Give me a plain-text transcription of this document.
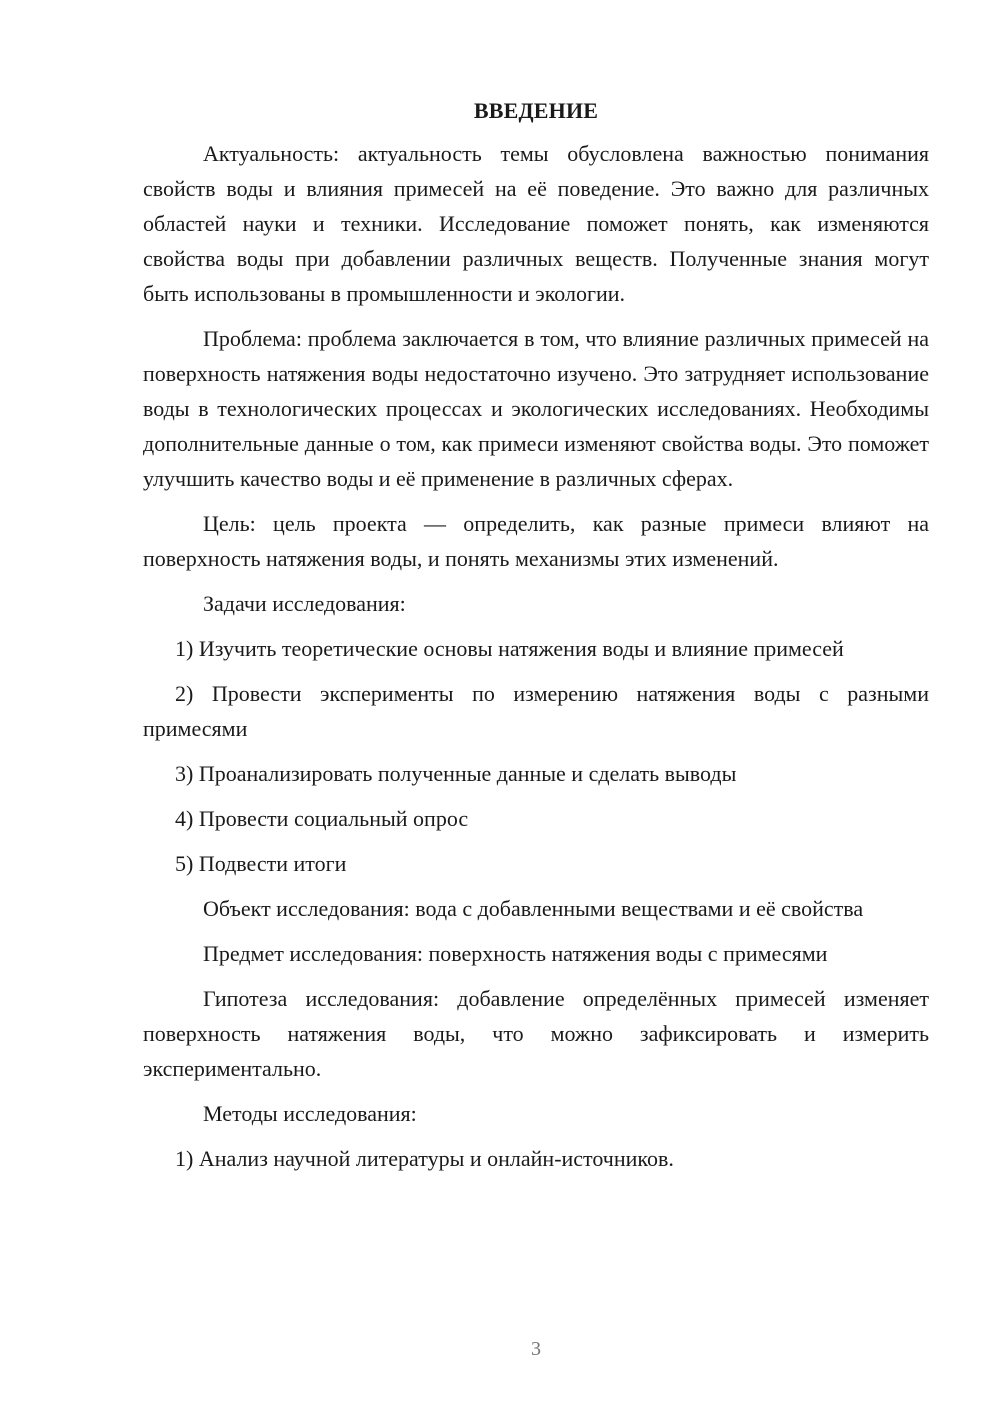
ВВЕДЕНИЕ

Актуальность: актуальность темы обусловлена важностью понимания свойств воды и влияния примесей на её поведение. Это важно для различных областей науки и техники. Исследование поможет понять, как изменяются свойства воды при добавлении различных веществ. Полученные знания могут быть использованы в промышленности и экологии.

Проблема: проблема заключается в том, что влияние различных примесей на поверхность натяжения воды недостаточно изучено. Это затрудняет использование воды в технологических процессах и экологических исследованиях. Необходимы дополнительные данные о том, как примеси изменяют свойства воды. Это поможет улучшить качество воды и её применение в различных сферах.

Цель: цель проекта — определить, как разные примеси влияют на поверхность натяжения воды, и понять механизмы этих изменений.

Задачи исследования:

1) Изучить теоретические основы натяжения воды и влияние примесей

2) Провести эксперименты по измерению натяжения воды с разными примесями

3) Проанализировать полученные данные и сделать выводы

4) Провести социальный опрос

5) Подвести итоги

Объект исследования: вода с добавленными веществами и её свойства

Предмет исследования: поверхность натяжения воды с примесями

Гипотеза исследования: добавление определённых примесей изменяет поверхность натяжения воды, что можно зафиксировать и измерить экспериментально.

Методы исследования:

1) Анализ научной литературы и онлайн-источников.

3
